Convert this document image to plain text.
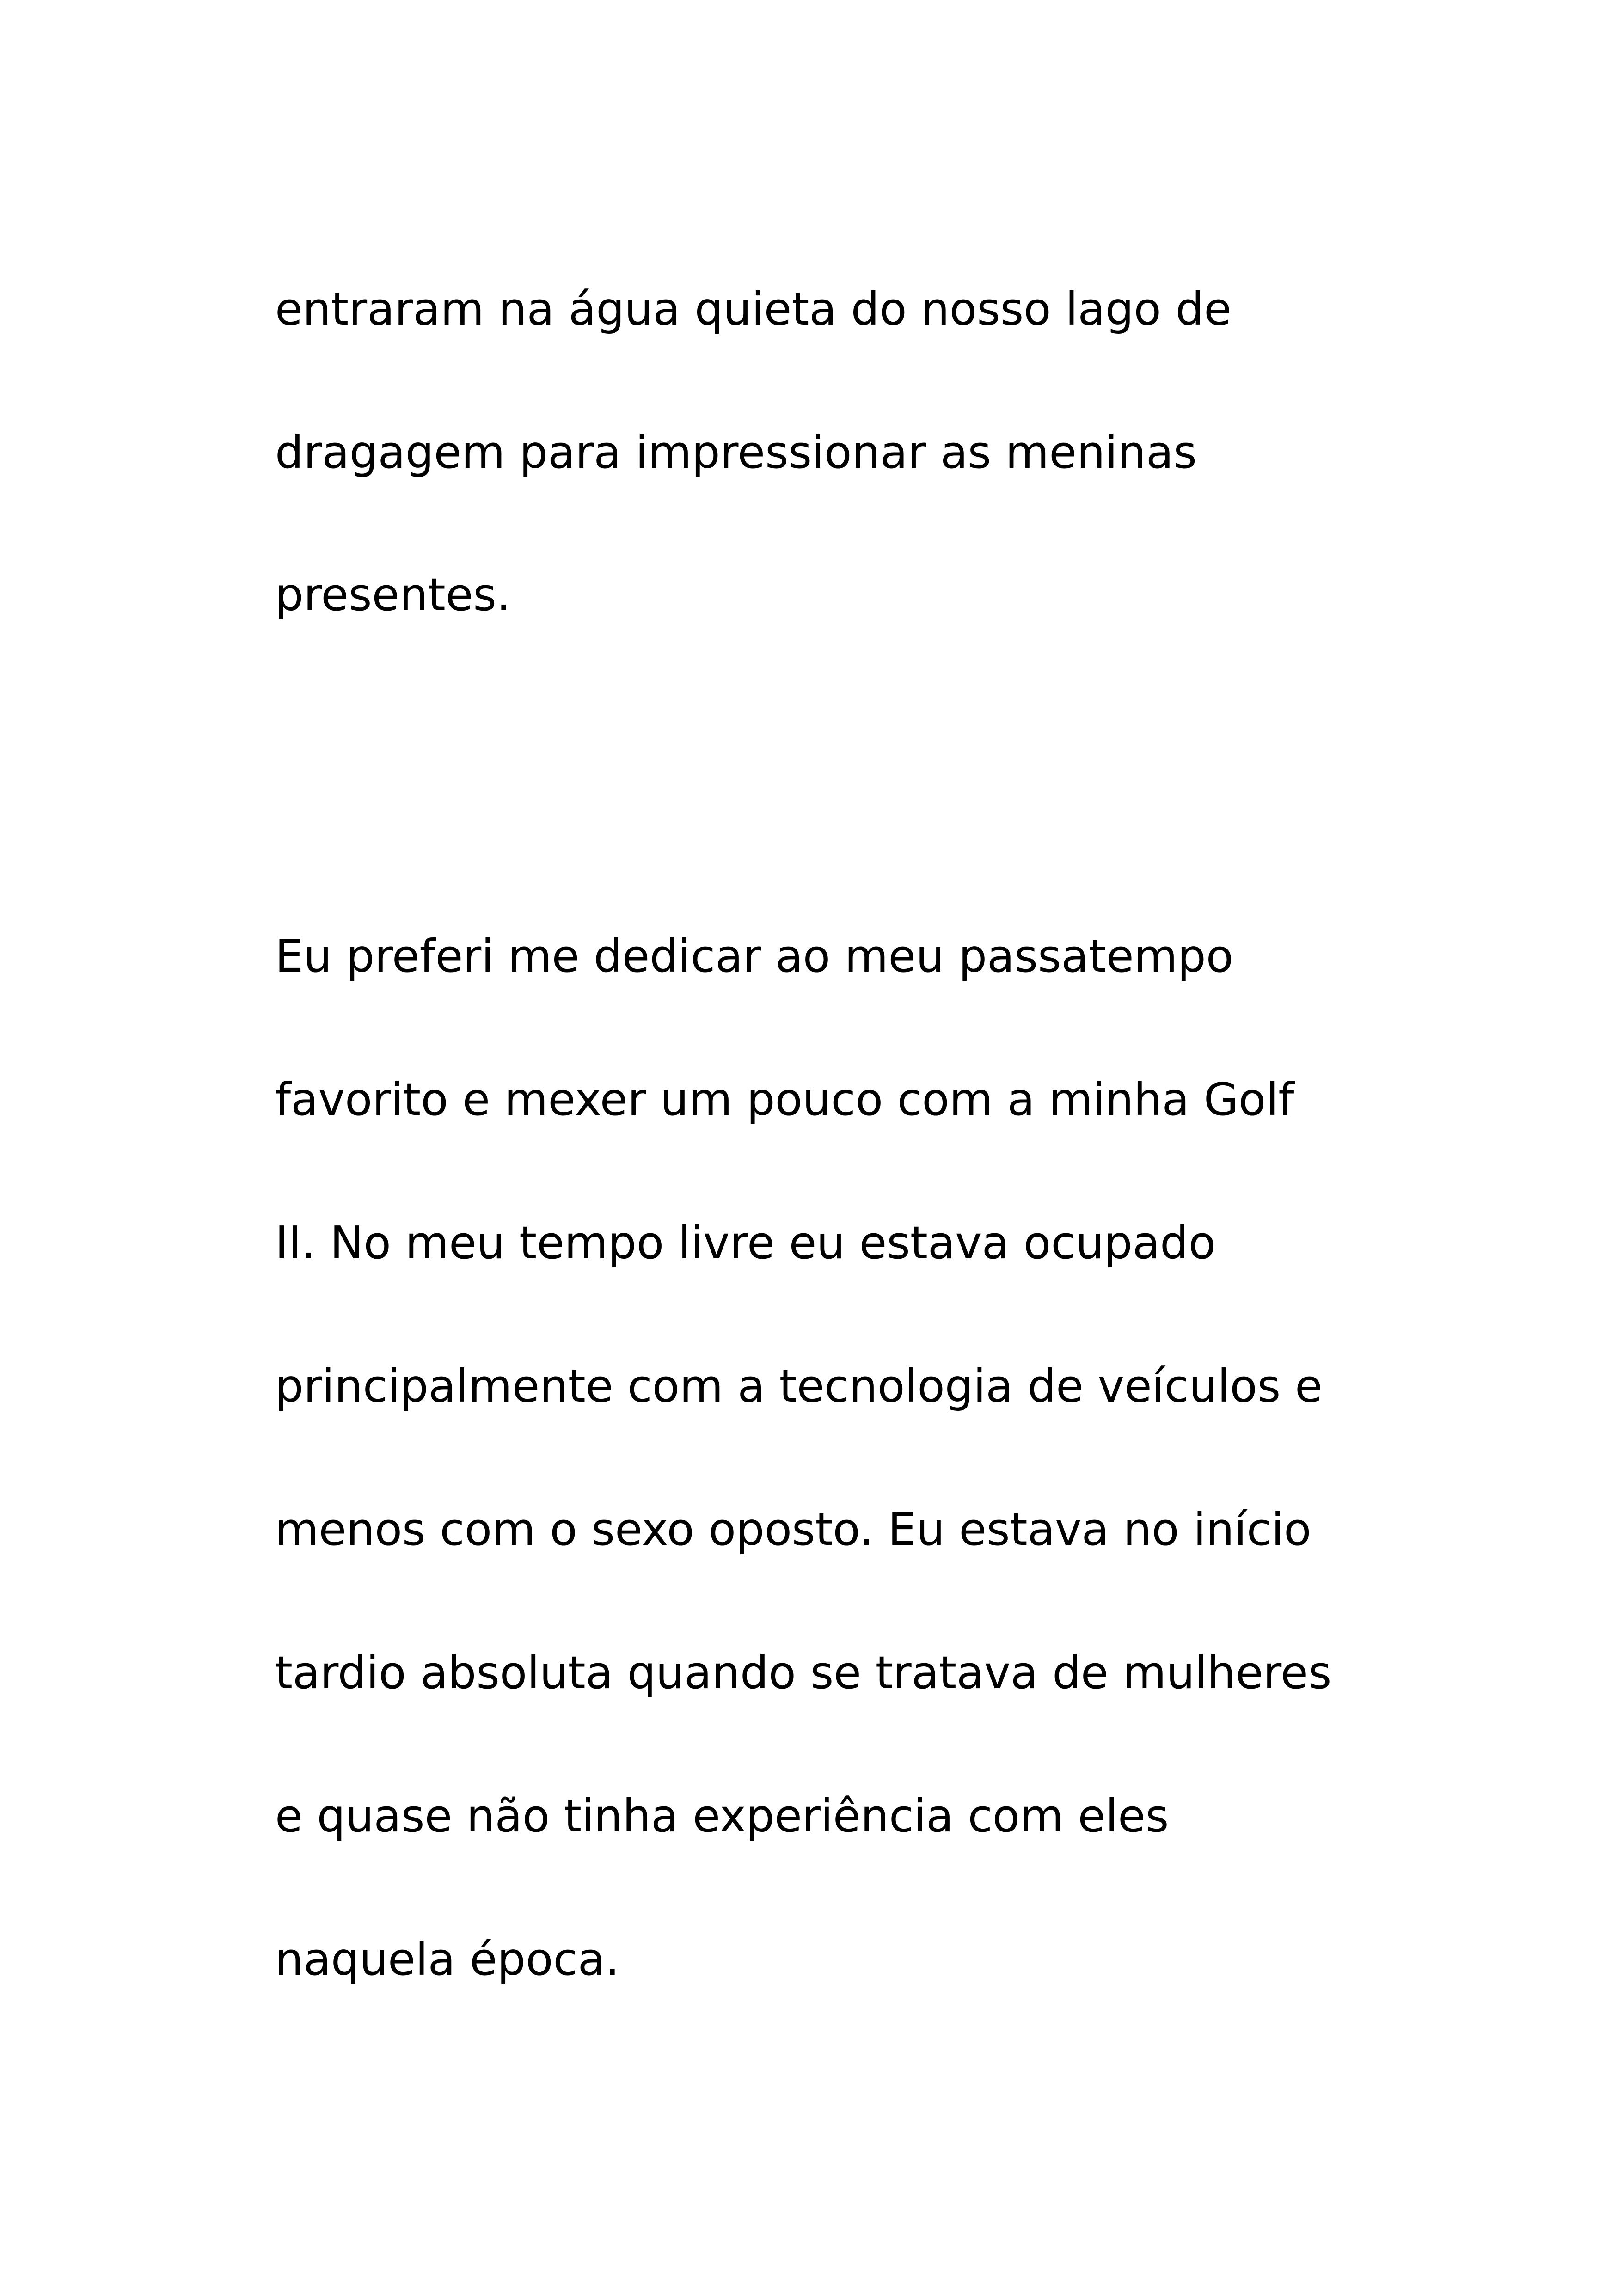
entraram na água quieta do nosso lago de

dragagem para impressionar as meninas

presentes.

Eu preferi me dedicar ao meu passatempo

favorito e mexer um pouco com a minha Golf

II. No meu tempo livre eu estava ocupado

principalmente com a tecnologia de veículos e

menos com o sexo oposto. Eu estava no início

tardio absoluta quando se tratava de mulheres

e quase não tinha experiência com eles

naquela época.
